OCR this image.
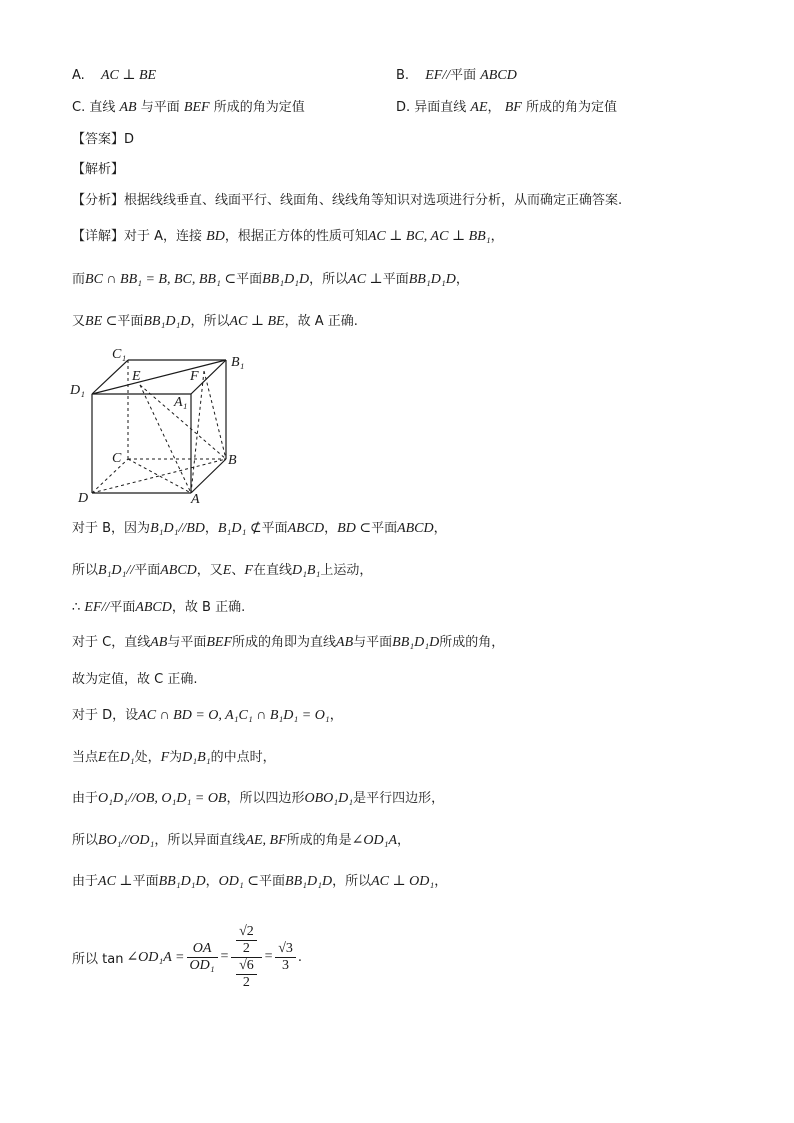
A. AC ⊥ BE	B. EF//平面 ABCD
C. 直线 AB 与平面 BEF 所成的角为定值	D. 异面直线 AE， BF 所成的角为定值
【答案】D
【解析】
【分析】根据线线垂直、线面平行、线面角、线线角等知识对选项进行分析，从而确定正确答案.
【详解】对于 A，连接 BD，根据正方体的性质可知AC ⊥ BC, AC ⊥ BB₁，
而BC ∩ BB₁ = B, BC, BB₁ ⊂平面BB₁D₁D，所以AC ⊥平面BB₁D₁D，
又BE ⊂平面BB₁D₁D，所以AC ⊥ BE，故 A 正确.
C₁
B₁
D₁
E	F
A₁
C	B
D	A
对于 B，因为B₁D₁//BD，B₁D₁ ⊄平面ABCD，BD ⊂平面ABCD，
所以B₁D₁//平面ABCD，又E、F在直线D₁B₁上运动，
∴ EF//平面ABCD，故 B 正确.
对于 C，直线AB与平面BEF所成的角即为直线AB与平面BB₁D₁D所成的角，
故为定值，故 C 正确.
对于 D，设AC ∩ BD = O, A₁C₁ ∩ B₁D₁ = O₁，
当点E在D₁处，F为D₁B₁的中点时，
由于O₁D₁//OB, O₁D₁ = OB，所以四边形OBO₁D₁是平行四边形，
所以BO₁//OD₁，所以异面直线AE, BF所成的角是∠OD₁A，
由于AC ⊥平面BB₁D₁D，OD₁ ⊂平面BB₁D₁D，所以AC ⊥ OD₁，
所以 tan ∠OD₁A = $\frac{OA}{\text{OD₁}} = \frac{\frac{√2}{2}}{\frac{√6}{2}} = \frac{√3}{3}$ .
